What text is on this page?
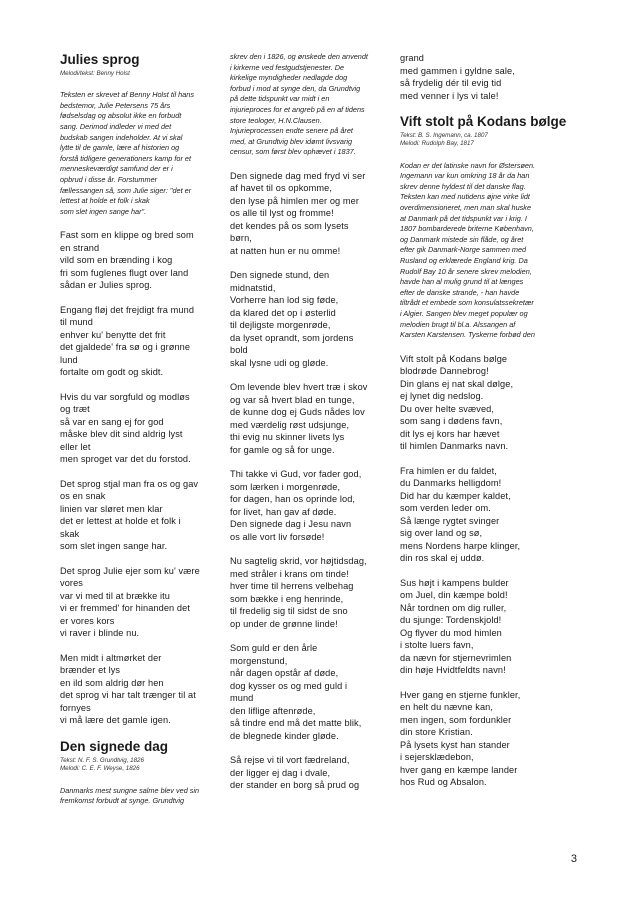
Julies sprog
Melodi/tekst: Benny Holst
Teksten er skrevet af Benny Holst til hans
bedstemor, Julie Petersens 75 års
fødselsdag og absolut ikke en forbudt
sang. Derimod indleder vi med det
budskab sangen indeholder. At vi skal
lytte til de gamle, lære af historien og
forstå tidligere generationers kamp for et
menneskeværdigt samfund der er i
opbrud i disse år. Forstummer
fællessangen så, som Julie siger: "det er
lettest at holde et folk i skak
som slet ingen sange har".
Fast som en klippe og bred som
en strand
vild som en brænding i kog
fri som fuglenes flugt over land
sådan er Julies sprog.
Engang fløj det frejdigt fra mund
til mund
enhver ku' benytte det frit
det gjaldede' fra sø og i grønne
lund
fortalte om godt og skidt.
Hvis du var sorgfuld og modløs
og træt
så var en sang ej for god
måske blev dit sind aldrig lyst
eller let
men sproget var det du forstod.
Det sprog stjal man fra os og gav
os en snak
linien var sløret men klar
det er lettest at holde et folk i
skak
som slet ingen sange har.
Det sprog Julie ejer som ku' være
vores
var vi med til at brække itu
vi er fremmed' for hinanden det
er vores kors
vi raver i blinde nu.
Men midt i altmørket der
brænder et lys
en ild som aldrig dør hen
det sprog vi har talt trænger til at
fornyes
vi må lære det gamle igen.
Den signede dag
Tekst: N. F. S. Grundtvig, 1826
Melodi: C. E. F. Weyse, 1826
Danmarks mest sungne salme blev ved sin
fremkomst forbudt at synge. Grundtvig
skrev den i 1826, og ønskede den anvendt
i kirkerne ved festgudstjenester. De
kirkelige myndigheder nedlagde dog
forbud i mod at synge den, da Grundtvig
på dette tidspunkt var midt i en
injurieproces for et angreb på en af tidens
store teologer, H.N.Clausen.
Injurieprocessen endte senere på året
med, at Grundtvig blev idømt livsvarig
censur, som først blev ophævet i 1837.
Den signede dag med fryd vi ser
af havet til os opkomme,
den lyse på himlen mer og mer
os alle til lyst og fromme!
det kendes på os som lysets
børn,
at natten hun er nu omme!
Den signede stund, den
midnatstid,
Vorherre han lod sig føde,
da klared det op i østerlid
til dejligste morgenrøde,
da lyset oprandt, som jordens
bold
skal lysne udi og gløde.
Om levende blev hvert træ i skov
og var så hvert blad en tunge,
de kunne dog ej Guds nådes lov
med værdelig røst udsjunge,
thi evig nu skinner livets lys
for gamle og så for unge.
Thi takke vi Gud, vor fader god,
som lærken i morgenrøde,
for dagen, han os oprinde lod,
for livet, han gav af døde.
Den signede dag i Jesu navn
os alle vort liv forsøde!
Nu sagtelig skrid, vor højtidsdag,
med stråler i krans om tinde!
hver time til herrens velbehag
som bække i eng henrinde,
til fredelig sig til sidst de sno
op under de grønne linde!
Som guld er den årle
morgenstund,
når dagen opstår af døde,
dog kysser os og med guld i
mund
den liflige aftenrøde,
så tindre end må det matte blik,
de blegnede kinder gløde.
Så rejse vi til vort fædreland,
der ligger ej dag i dvale,
der stander en borg så prud og
grand
med gammen i gyldne sale,
så frydelig dér til evig tid
med venner i lys vi tale!
Vift stolt på Kodans bølge
Tekst: B. S. Ingemann, ca. 1807
Melodi: Rudolph Bay, 1817
Kodan er det latinske navn for Østersøen.
Ingemann var kun omkring 18 år da han
skrev denne hyldest til det danske flag.
Teksten kan med nutidens øjne virke lidt
overdimensioneret, men man skal huske
at Danmark på det tidspunkt var i krig. I
1807 bombarderede briterne København,
og Danmark mistede sin flåde, og året
efter gik Danmark-Norge sammen med
Rusland og erklærede England krig. Da
Rudolf Bay 10 år senere skrev melodien,
havde han al mulig grund til at længes
efter de danske strande, - han havde
tiltrådt et embede som konsulatssekretær
i Algier. Sangen blev meget populær og
melodien brugt til bl.a. Alssangen af
Karsten Karstensen. Tyskerne forbød den
Vift stolt på Kodans bølge
blodrøde Dannebrog!
Din glans ej nat skal dølge,
ej lynet dig nedslog.
Du over helte svæved,
som sang i dødens favn,
dit lys ej kors har hævet
til himlen Danmarks navn.
Fra himlen er du faldet,
du Danmarks helligdom!
Did har du kæmper kaldet,
som verden leder om.
Så længe rygtet svinger
sig over land og sø,
mens Nordens harpe klinger,
din ros skal ej uddø.
Sus højt i kampens bulder
om Juel, din kæmpe bold!
Når tordnen om dig ruller,
du sjunge: Tordenskjold!
Og flyver du mod himlen
i stolte luers favn,
da nævn for stjernevrimlen
din høje Hvidtfeldts navn!
Hver gang en stjerne funkler,
en helt du nævne kan,
men ingen, som fordunkler
din store Kristian.
På lysets kyst han stander
i sejersklædebon,
hver gang en kæmpe lander
hos Rud og Absalon.
3
